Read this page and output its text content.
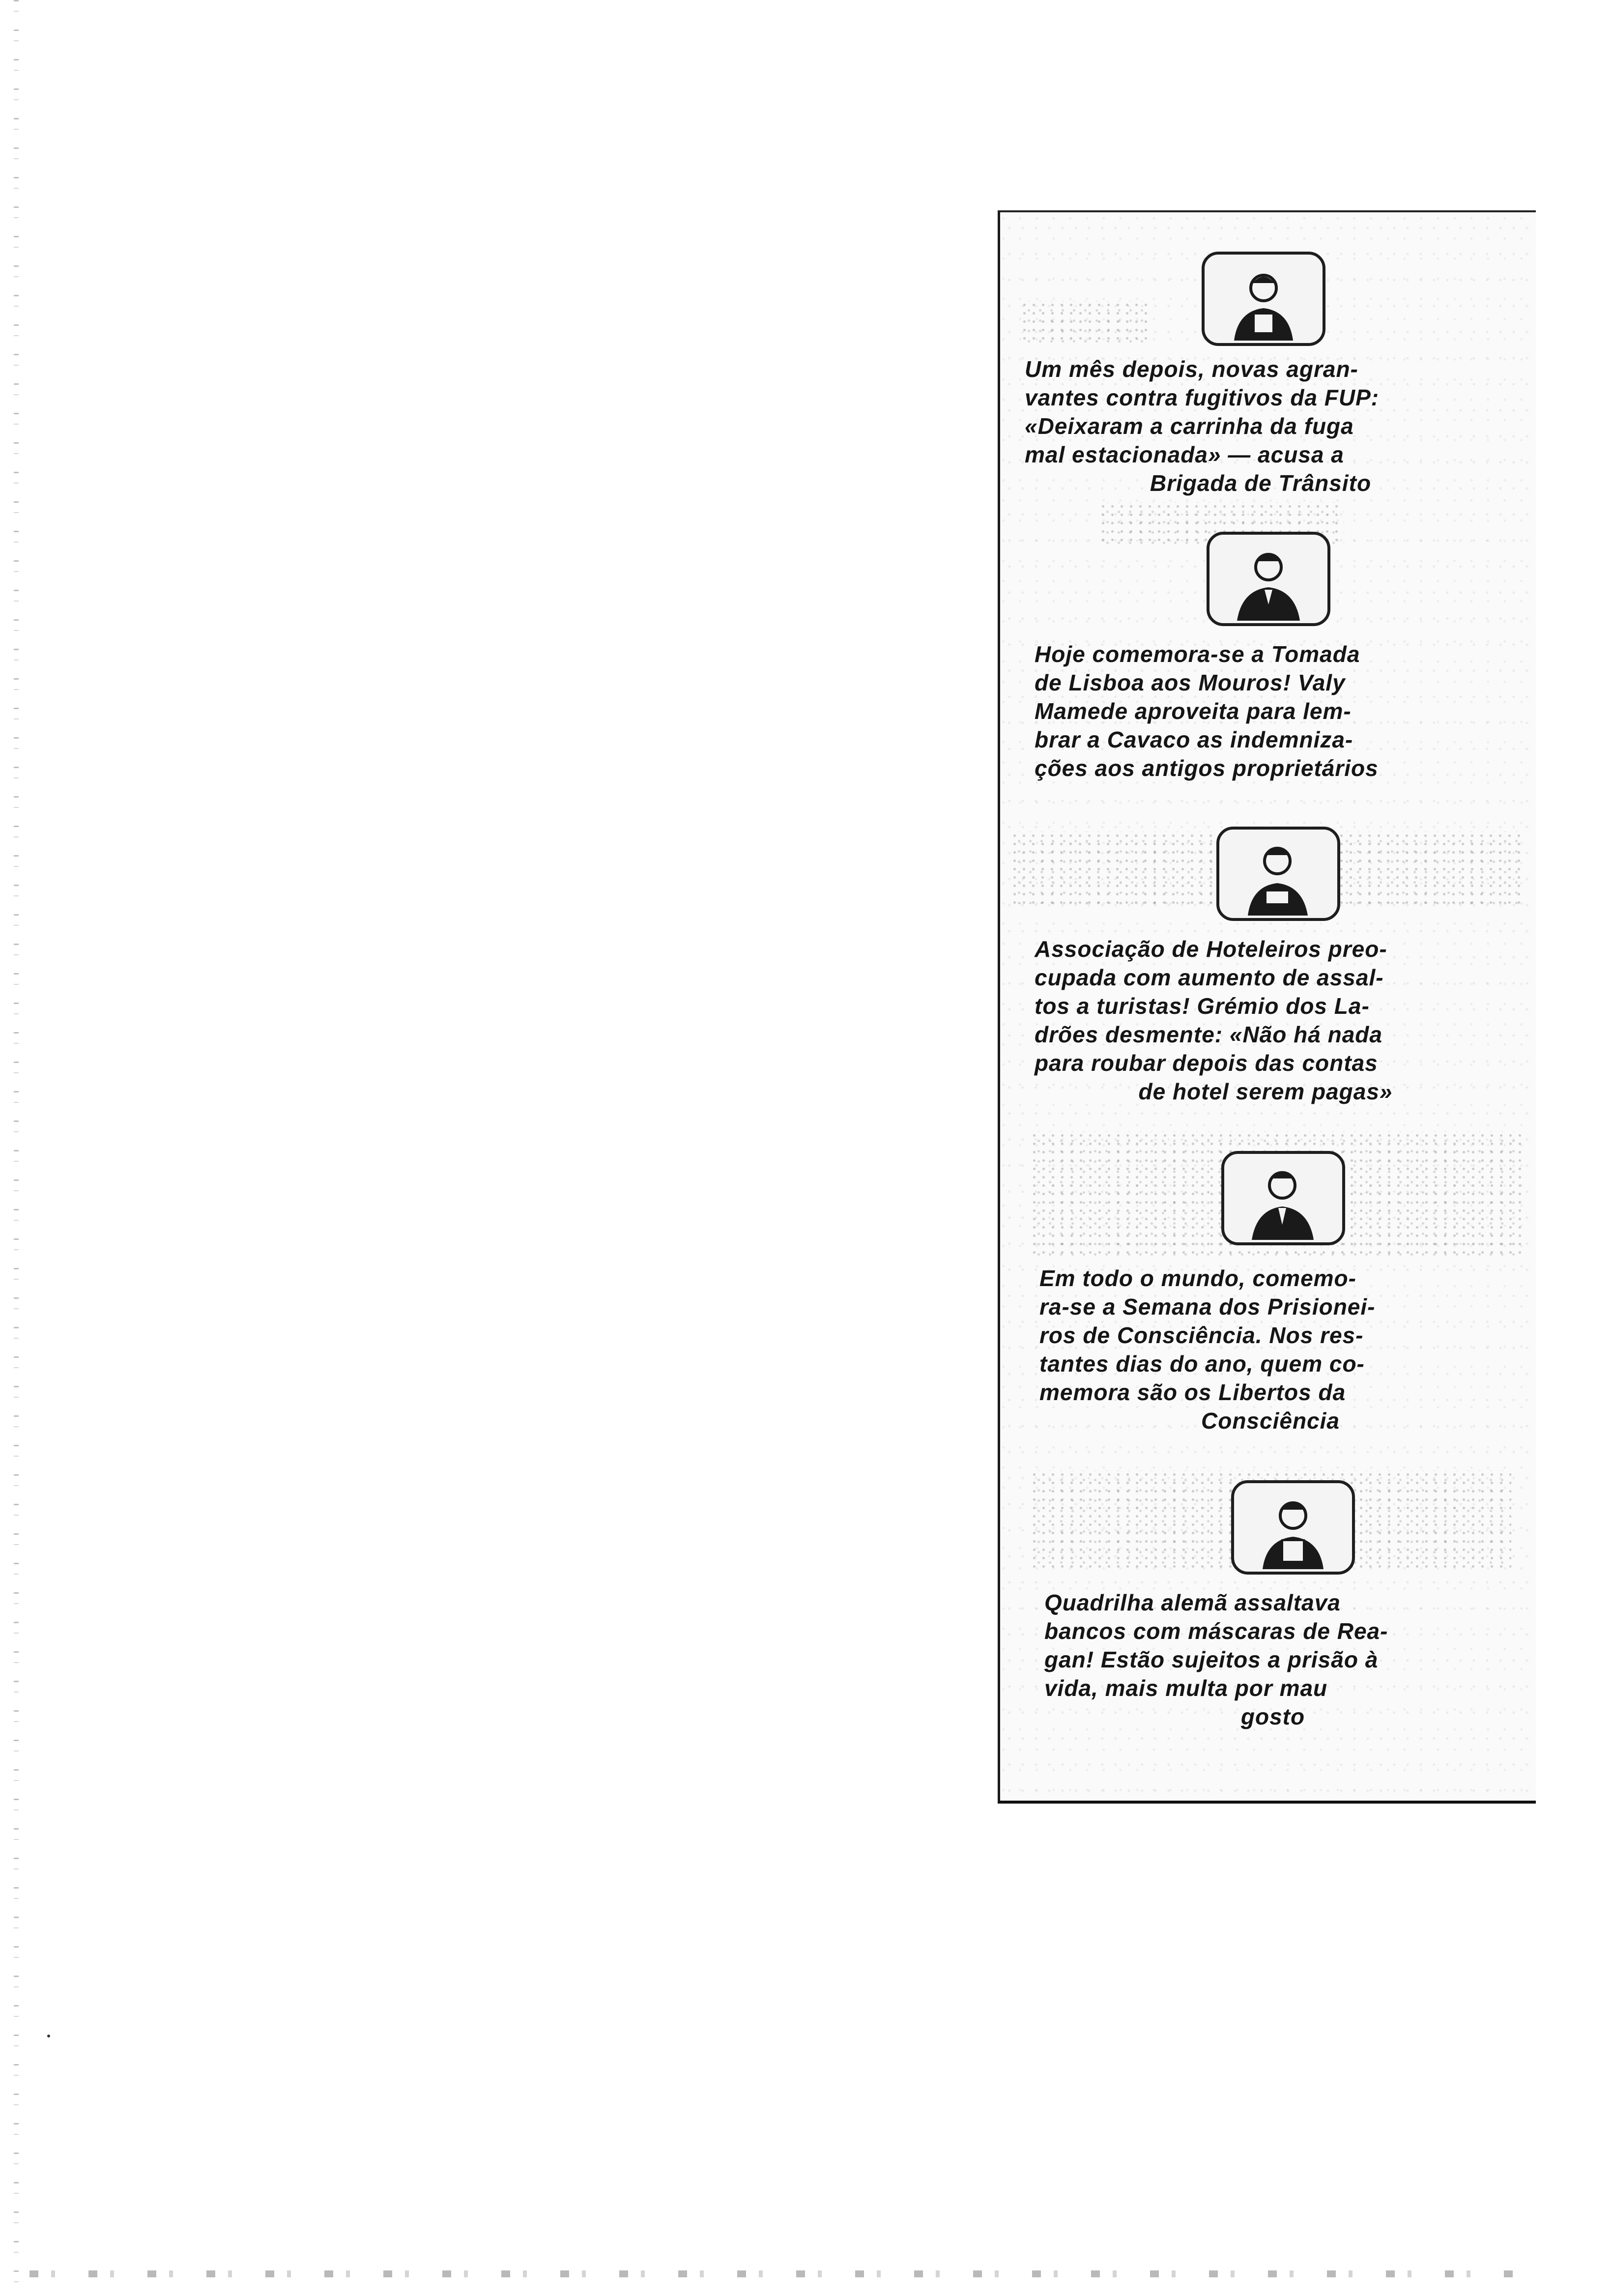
Um mês depois, novas agran-
vantes contra fugitivos da FUP:
«Deixaram a carrinha da fuga
mal estacionada» — acusa a
Brigada de Trânsito
Hoje comemora-se a Tomada
de Lisboa aos Mouros! Valy
Mamede aproveita para lem-
brar a Cavaco as indemniza-
ções aos antigos proprietários
Associação de Hoteleiros preo-
cupada com aumento de assal-
tos a turistas! Grémio dos La-
drões desmente: «Não há nada
para roubar depois das contas
de hotel serem pagas»
Em todo o mundo, comemo-
ra-se a Semana dos Prisionei-
ros de Consciência. Nos res-
tantes dias do ano, quem co-
memora são os Libertos da
Consciência
Quadrilha alemã assaltava
bancos com máscaras de Rea-
gan! Estão sujeitos a prisão à
vida, mais multa por mau
gosto
